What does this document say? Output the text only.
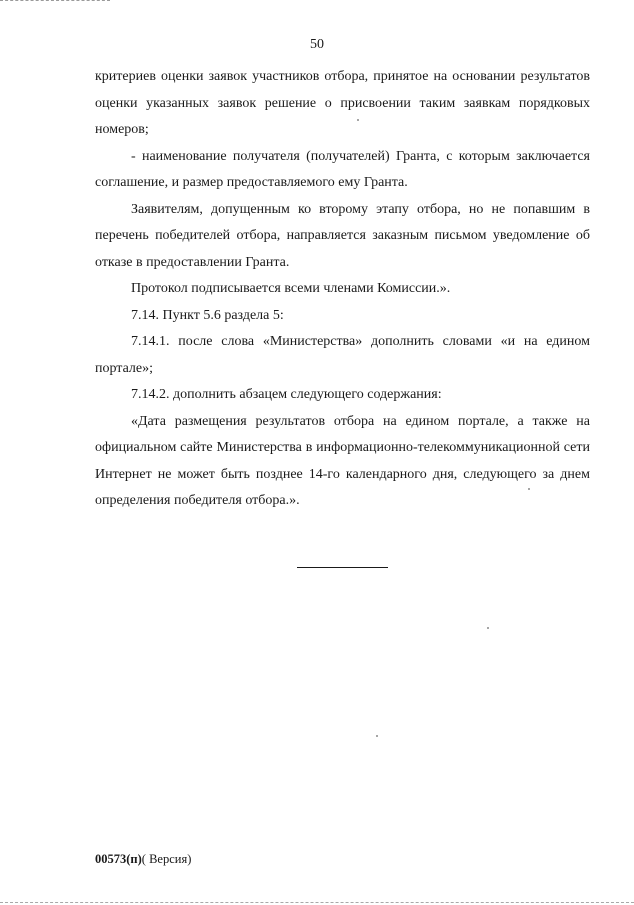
50

критериев оценки заявок участников отбора, принятое на основании результатов оценки указанных заявок решение о присвоении таким заявкам порядковых номеров;

- наименование получателя (получателей) Гранта, с которым заключается соглашение, и размер предоставляемого ему Гранта.

Заявителям, допущенным ко второму этапу отбора, но не попавшим в перечень победителей отбора, направляется заказным письмом уведомление об отказе в предоставлении Гранта.

Протокол подписывается всеми членами Комиссии.».

7.14. Пункт 5.6 раздела 5:

7.14.1. после слова «Министерства» дополнить словами «и на едином портале»;

7.14.2. дополнить абзацем следующего содержания:

«Дата размещения результатов отбора на едином портале, а также на официальном сайте Министерства в информационно-телекоммуникационной сети Интернет не может быть позднее 14-го календарного дня, следующего за днем определения победителя отбора.».

00573(п)( Версия)
